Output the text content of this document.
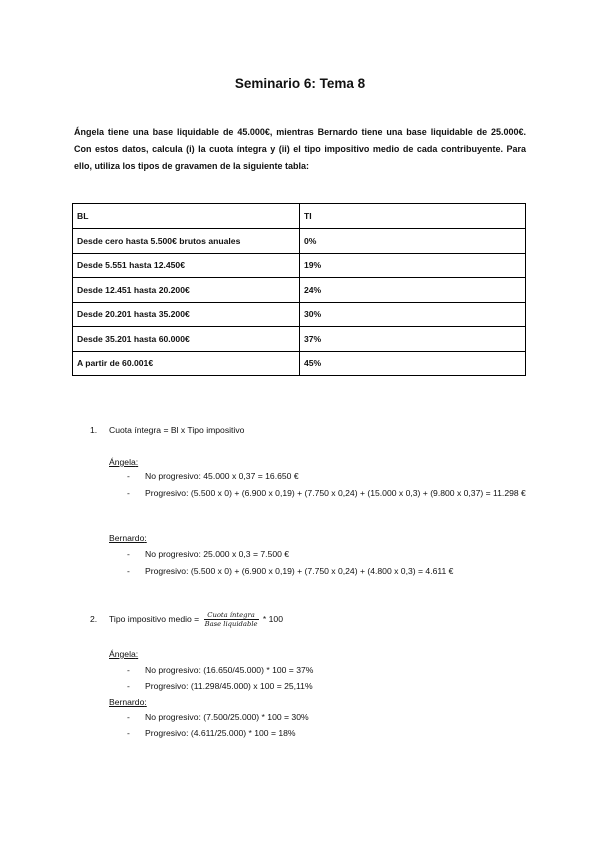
Seminario 6: Tema 8
Ángela tiene una base liquidable de 45.000€, mientras Bernardo tiene una base liquidable de 25.000€. Con estos datos, calcula (i) la cuota íntegra y (ii) el tipo impositivo medio de cada contribuyente. Para ello, utiliza los tipos de gravamen de la siguiente tabla:
BL	TI
Desde cero hasta 5.500€ brutos anuales	0%
Desde 5.551 hasta 12.450€	19%
Desde 12.451 hasta 20.200€	24%
Desde 20.201 hasta 35.200€	30%
Desde 35.201 hasta 60.000€	37%
A partir de 60.001€	45%
1. Cuota íntegra = Bl x Tipo impositivo
Ángela:
- No progresivo: 45.000 x 0,37 = 16.650 €
- Progresivo: (5.500 x 0) + (6.900 x 0,19) + (7.750 x 0,24) + (15.000 x 0,3) + (9.800 x 0,37) = 11.298 €
Bernardo:
- No progresivo: 25.000 x 0,3 = 7.500 €
- Progresivo: (5.500 x 0) + (6.900 x 0,19) + (7.750 x 0,24) + (4.800 x 0,3) = 4.611 €
2. Tipo impositivo medio = $\frac{\text{Cuota íntegra}}{\text{Base liquidable}} * 100$
Ángela:
- No progresivo: (16.650/45.000) * 100 = 37%
- Progresivo: (11.298/45.000) x 100 = 25,11%
Bernardo:
- No progresivo: (7.500/25.000) * 100 = 30%
- Progresivo: (4.611/25.000) * 100 = 18%
